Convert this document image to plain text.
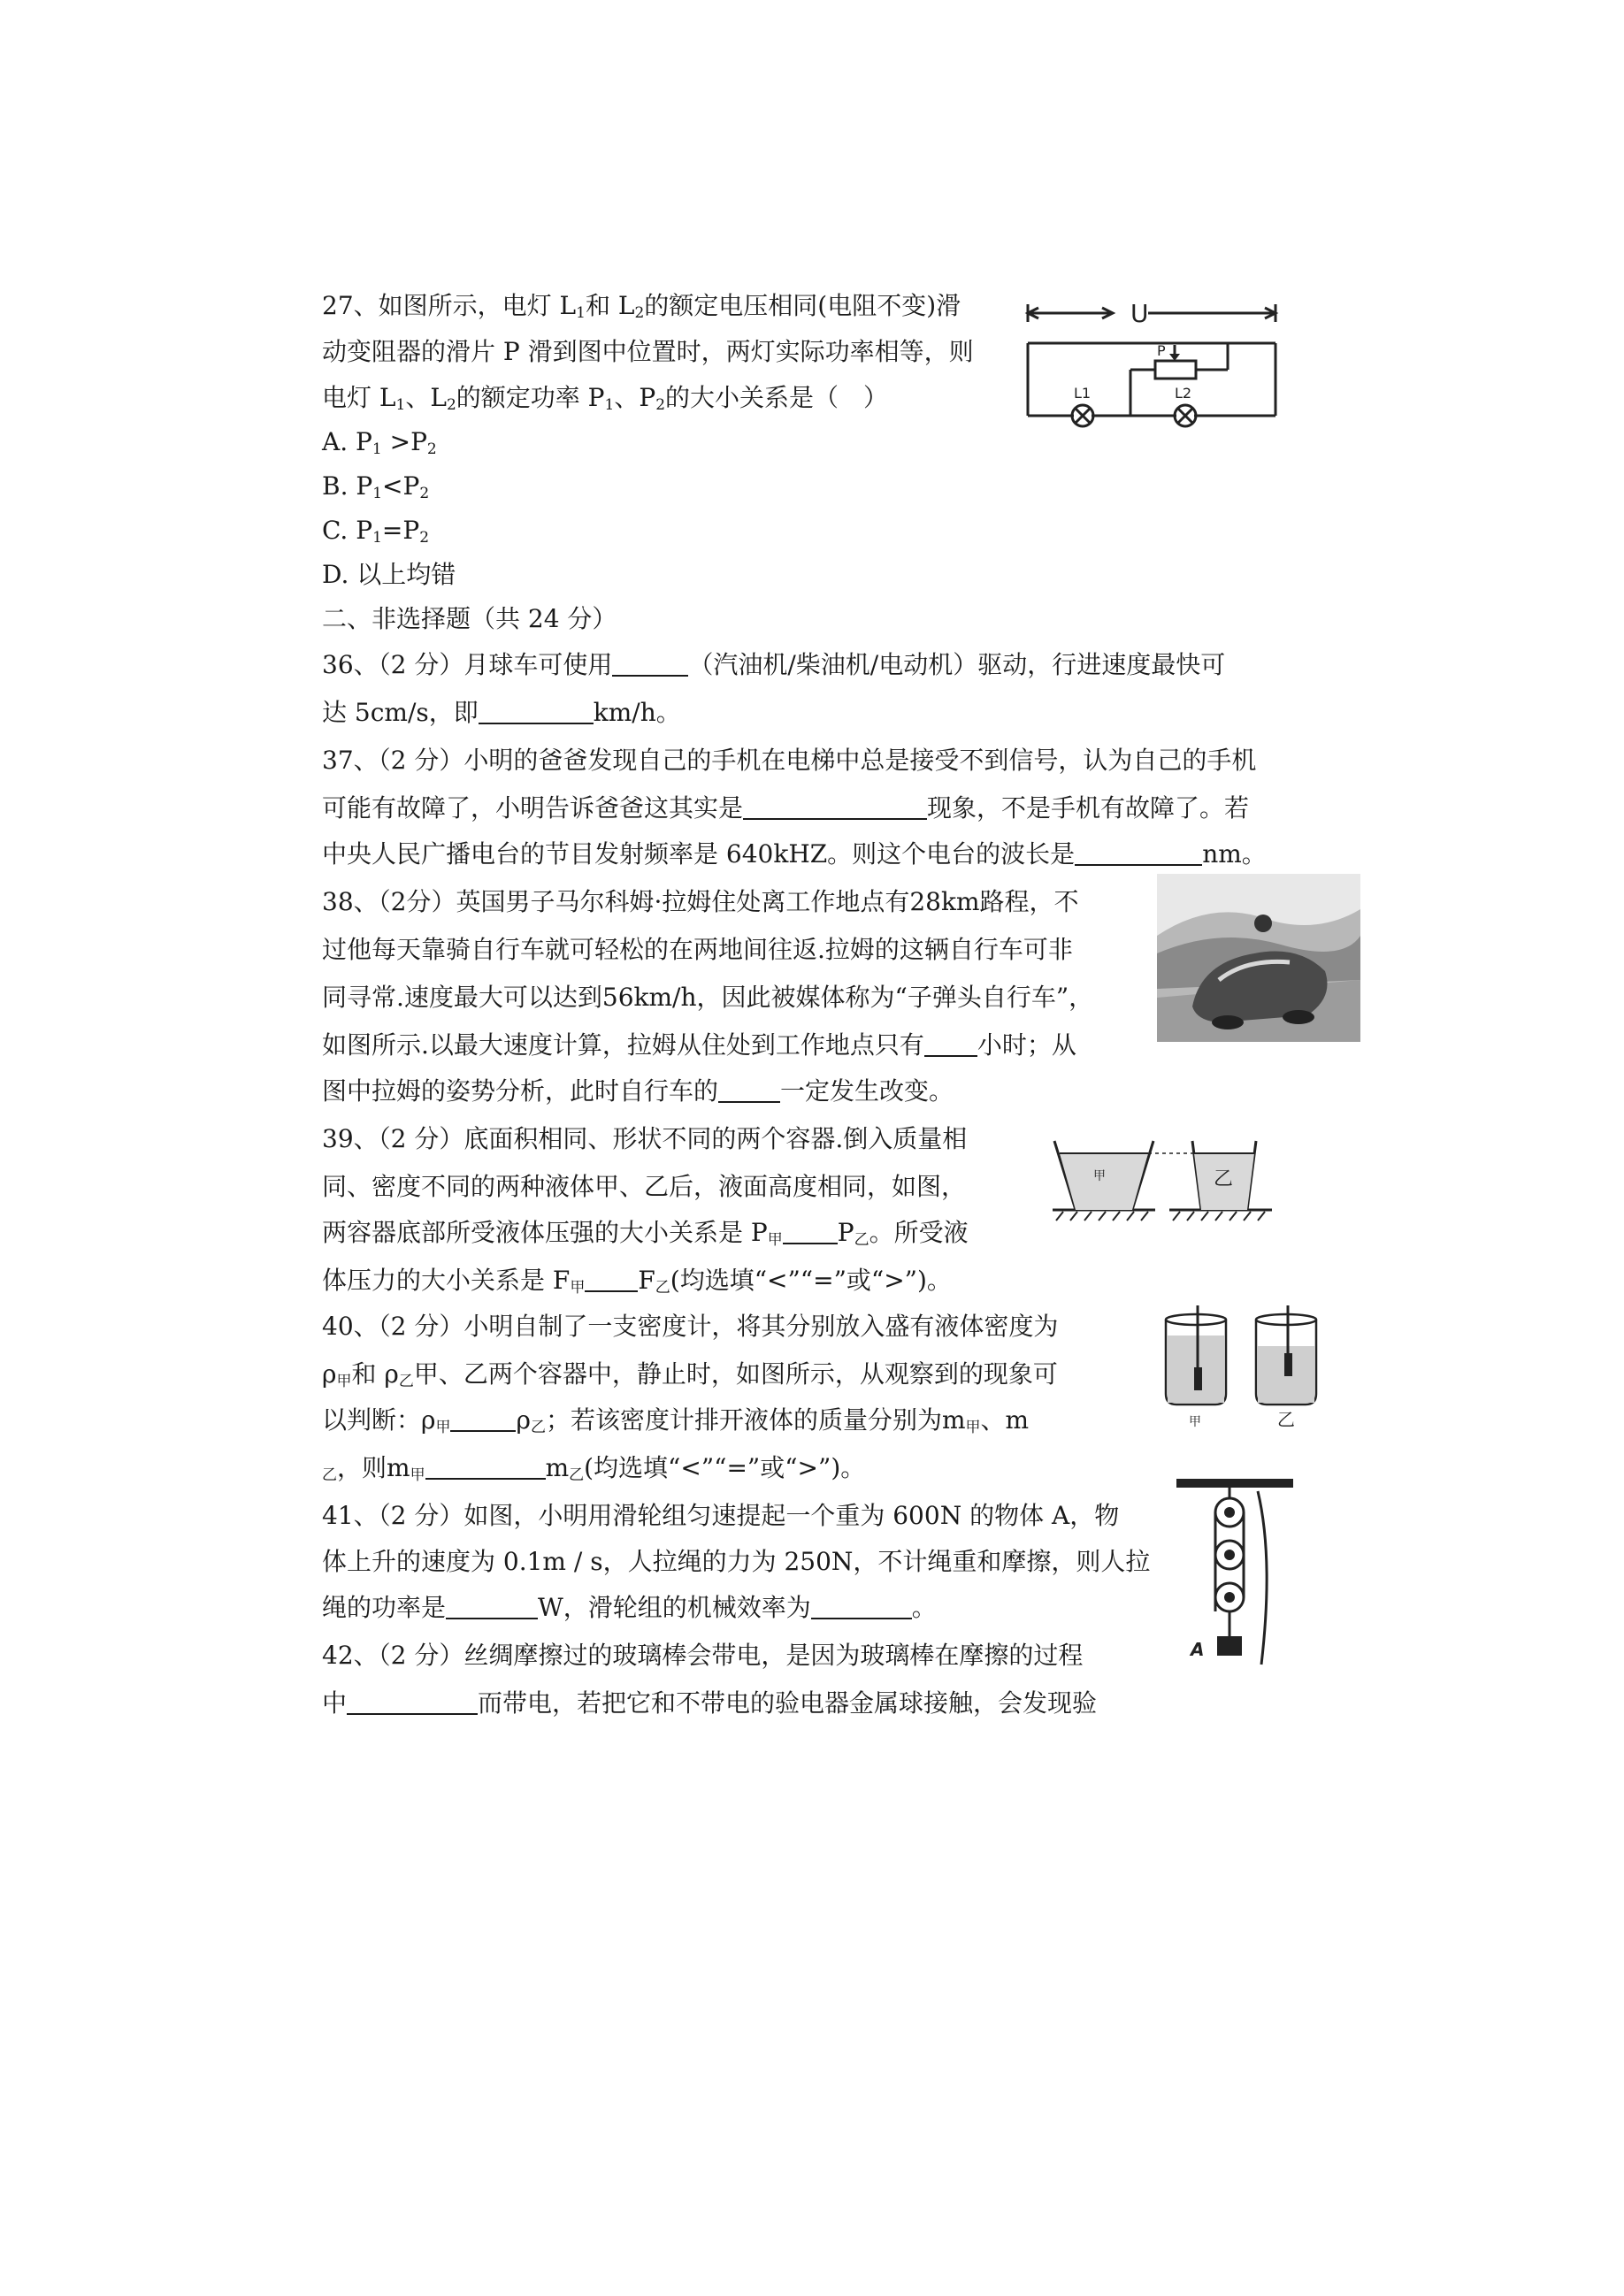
27、如图所示，电灯 $L_1$和 $L_2$的额定电压相同(电阻不变)滑
动变阻器的滑片 P 滑到图中位置时，两灯实际功率相等，则
电灯 $L_1$、$L_2$的额定功率 $P_1$、$P_2$的大小关系是（　）
A. $P_1 >P_2$
B. $P_1<P_2$
C. $P_1=P_2$
D. 以上均错
U
P
L1	L2
二、非选择题（共 24 分）
36、（2 分）月球车可使用	（汽油机/柴油机/电动机）驱动，行进速度最快可
达 5cm/s，即	km/h。
37、（2 分）小明的爸爸发现自己的手机在电梯中总是接受不到信号，认为自己的手机
可能有故障了，小明告诉爸爸这其实是	现象，不是手机有故障了。若
中央人民广播电台的节目发射频率是 640kHZ。则这个电台的波长是	nm。
38、（2分）英国男子马尔科姆·拉姆住处离工作地点有28km路程，不
过他每天靠骑自行车就可轻松的在两地间往返.拉姆的这辆自行车可非
同寻常.速度最大可以达到56km/h，因此被媒体称为“子弹头自行车”，
如图所示.以最大速度计算，拉姆从住处到工作地点只有 小时；从
图中拉姆的姿势分析，此时自行车的	一定发生改变。
39、（2 分）底面积相同、形状不同的两个容器.倒入质量相
同、密度不同的两种液体甲、乙后，液面高度相同，如图，
两容器底部所受液体压强的大小关系是 $P_甲$ $P_乙$。所受液
体压力的大小关系是 $F_甲$ $F_乙$(均选填“<”“=”或“>”)。
甲	乙
40、（2 分）小明自制了一支密度计，将其分别放入盛有液体密度为
$\rho_甲$和 $\rho_乙$甲、乙两个容器中，静止时，如图所示，从观察到的现象可
以判断：$\rho_甲$	$\rho_乙$；若该密度计排开液体的质量分别为$m_甲$、m
$_乙$，则$m_甲$	$m_乙$(均选填“<”“=”或“>”)。
甲	乙
41、（2 分）如图，小明用滑轮组匀速提起一个重为 600N 的物体 A，物
体上升的速度为 0.1m / s，人拉绳的力为 250N，不计绳重和摩擦，则人拉
绳的功率是	W，滑轮组的机械效率为	。
A
42、（2 分）丝绸摩擦过的玻璃棒会带电，是因为玻璃棒在摩擦的过程
中	而带电，若把它和不带电的验电器金属球接触，会发现验
